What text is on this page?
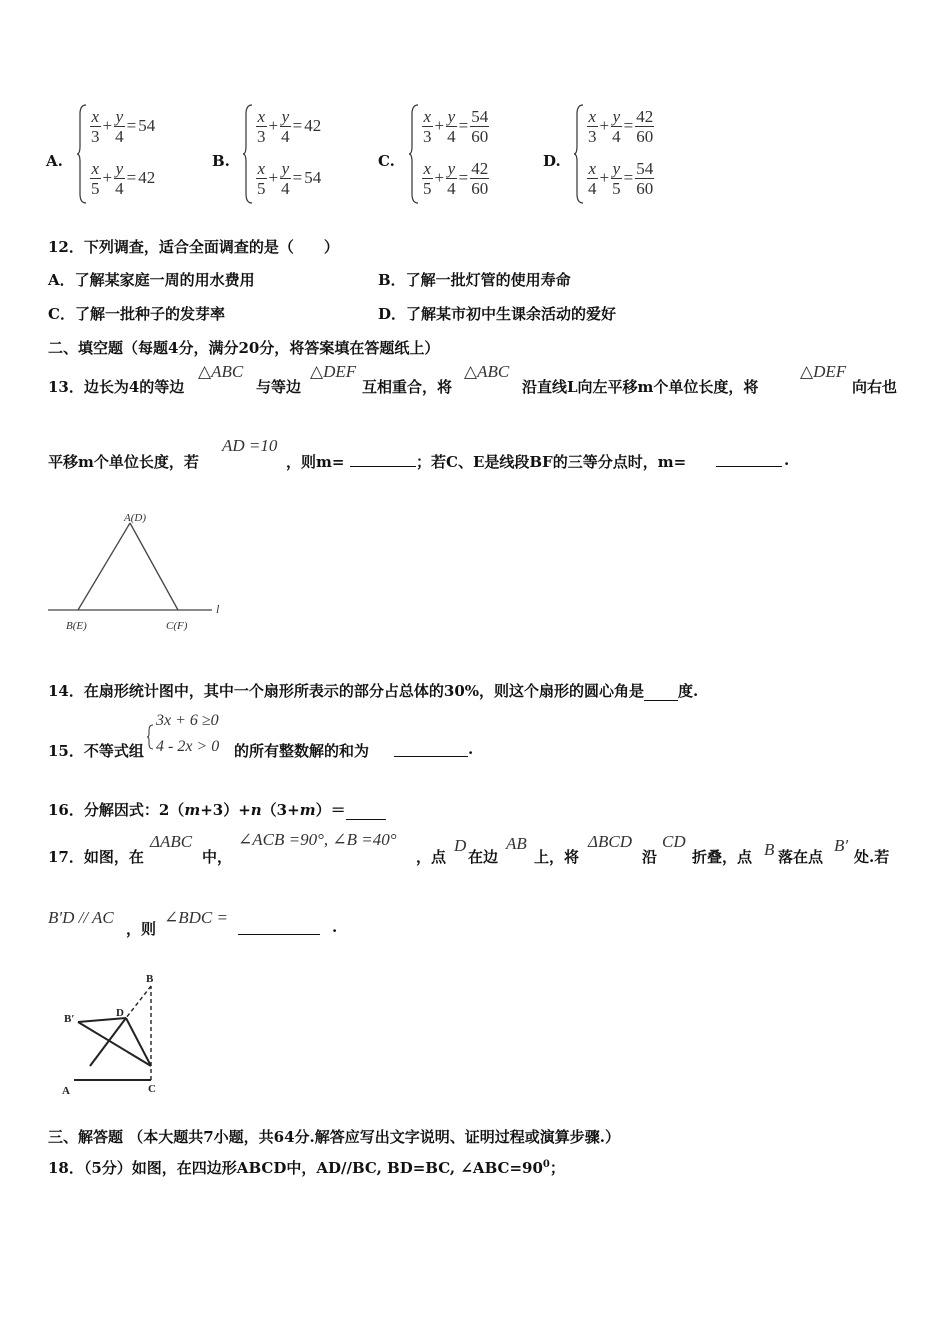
A.
$\frac{x}{3} + \frac{y}{4} = 54$
$\frac{x}{5} + \frac{y}{4} = 42$
B.
$\frac{x}{3} + \frac{y}{4} = 42$
$\frac{x}{5} + \frac{y}{4} = 54$
C.
$\frac{x}{3} + \frac{y}{4} = \frac{54}{60}$
$\frac{x}{5} + \frac{y}{4} = \frac{42}{60}$	D.
$\frac{x}{3} + \frac{y}{4} = \frac{42}{60}$
$\frac{x}{4} + \frac{y}{5} = \frac{54}{60}$
12．下列调查，适合全面调查的是（　　）
A．了解某家庭一周的用水费用	B．了解一批灯管的使用寿命
C．了解一批种子的发芽率	D．了解某市初中生课余活动的爱好
二、填空题（每题4分，满分20分，将答案填在答题纸上）
13．边长为4的等边
△ABC
与等边
△DEF
互相重合，将
△ABC
沿直线L向左平移m个单位长度，将
△DEF
向右也
平移m个单位长度，若
AD =10
，则m=	；若C、E是线段BF的三等分点时，m=	.
A(D)
B(E)	C(F)
l
14．在扇形统计图中，其中一个扇形所表示的部分占总体的30%，则这个扇形的圆心角是 度.
15．不等式组
3x + 6 ≥0
4 - 2x > 0 的所有整数解的和为	.
16．分解因式：2（m+3）+n（3+m）＝
17．如图，在
ΔABC
中，
∠ACB =90°, ∠B =40°
，点
D
在边
AB
上，将
ΔBCD
沿
CD
折叠，点 B 落在点
B′
处.若
B′D // AC
，则
∠BDC =	.
B
B′	D
A	C
三、解答题 （本大题共7小题，共64分.解答应写出文字说明、证明过程或演算步骤.）
18．（5分）如图，在四边形ABCD中，AD//BC, BD=BC, $\angle ABC=90^0$；
